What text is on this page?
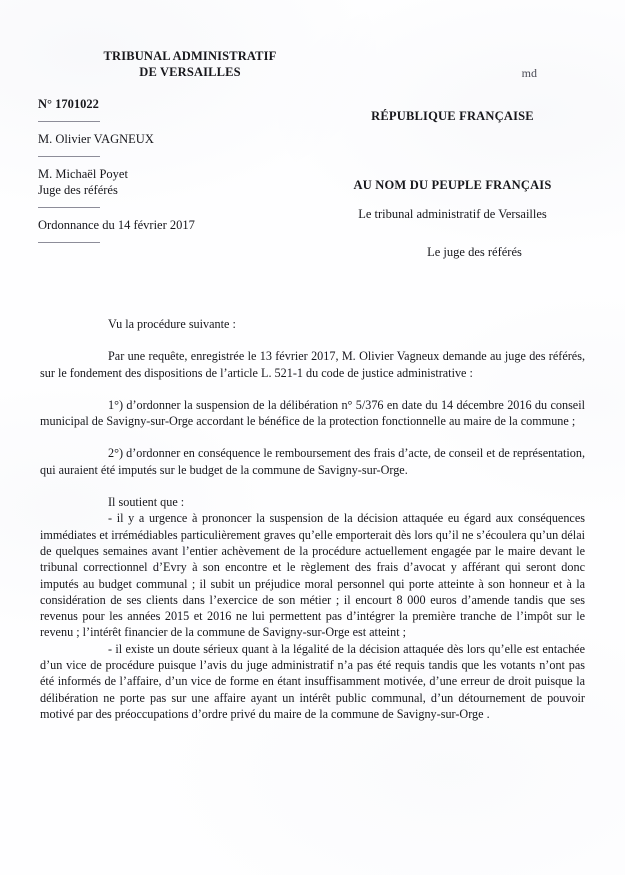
TRIBUNAL ADMINISTRATIF
DE VERSAILLES	md
N° 1701022
M. Olivier VAGNEUX
M. Michaël Poyet
Juge des référés
Ordonnance du 14 février 2017
RÉPUBLIQUE FRANÇAISE
AU NOM DU PEUPLE FRANÇAIS
Le tribunal administratif de Versailles
Le juge des référés

Vu la procédure suivante :

Par une requête, enregistrée le 13 février 2017, M. Olivier Vagneux demande au juge des référés, sur le fondement des dispositions de l’article L. 521-1 du code de justice administrative :

1°) d’ordonner la suspension de la délibération n° 5/376 en date du 14 décembre 2016 du conseil municipal de Savigny-sur-Orge accordant le bénéfice de la protection fonctionnelle au maire de la commune ;

2°) d’ordonner en conséquence le remboursement des frais d’acte, de conseil et de représentation, qui auraient été imputés sur le budget de la commune de Savigny-sur-Orge.

Il soutient que :

- il y a urgence à prononcer la suspension de la décision attaquée eu égard aux conséquences immédiates et irrémédiables particulièrement graves qu’elle emporterait dès lors qu’il ne s’écoulera qu’un délai de quelques semaines avant l’entier achèvement de la procédure actuellement engagée par le maire devant le tribunal correctionnel d’Evry à son encontre et le règlement des frais d’avocat y afférant qui seront donc imputés au budget communal ; il subit un préjudice moral personnel qui porte atteinte à son honneur et à la considération de ses clients dans l’exercice de son métier ; il encourt 8 000 euros d’amende tandis que ses revenus pour les années 2015 et 2016 ne lui permettent pas d’intégrer la première tranche de l’impôt sur le revenu ; l’intérêt financier de la commune de Savigny-sur-Orge est atteint ;

- il existe un doute sérieux quant à la légalité de la décision attaquée dès lors qu’elle est entachée d’un vice de procédure puisque l’avis du juge administratif n’a pas été requis tandis que les votants n’ont pas été informés de l’affaire, d’un vice de forme en étant insuffisamment motivée, d’une erreur de droit puisque la délibération ne porte pas sur une affaire ayant un intérêt public communal, d’un détournement de pouvoir motivé par des préoccupations d’ordre privé du maire de la commune de Savigny-sur-Orge .
